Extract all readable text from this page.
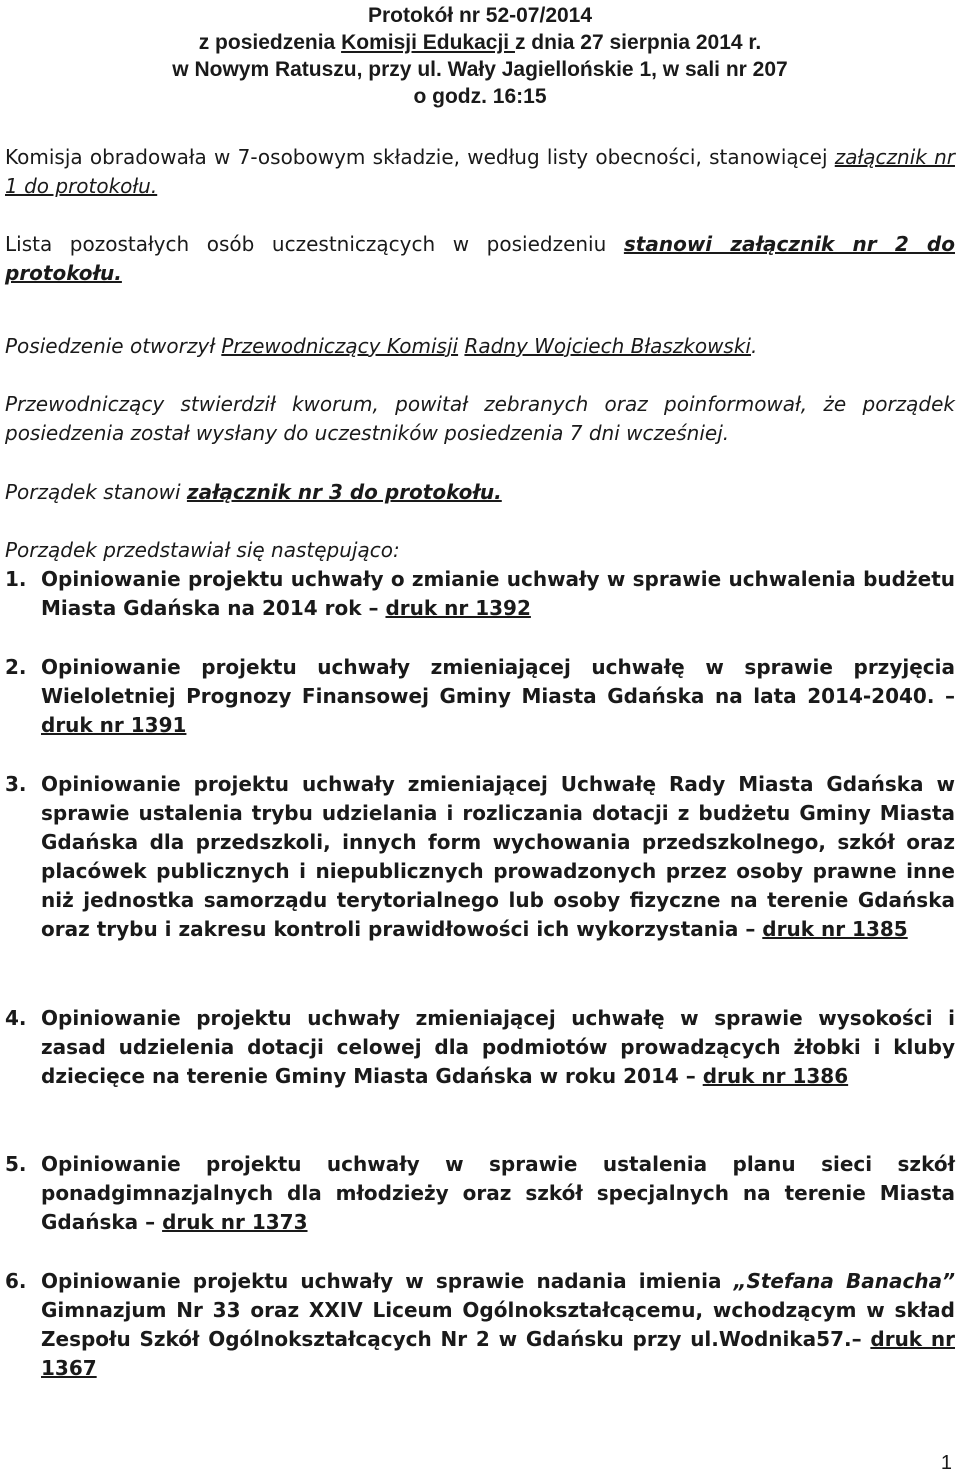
Protokół nr 52-07/2014

z posiedzenia Komisji Edukacji z dnia 27 sierpnia 2014 r.

w Nowym Ratuszu, przy ul. Wały Jagiellońskie 1, w sali nr 207

o godz. 16:15

Komisja obradowała w 7-osobowym składzie, według listy obecności, stanowiącej załącznik nr 1 do protokołu.

Lista pozostałych osób uczestniczących w posiedzeniu stanowi załącznik nr 2 do protokołu.

Posiedzenie otworzył Przewodniczący Komisji Radny Wojciech Błaszkowski.

Przewodniczący stwierdził kworum, powitał zebranych oraz poinformował, że porządek posiedzenia został wysłany do uczestników posiedzenia 7 dni wcześniej.

Porządek stanowi załącznik nr 3 do protokołu.

Porządek przedstawiał się następująco:

1. Opiniowanie projektu uchwały o zmianie uchwały w sprawie uchwalenia budżetu Miasta Gdańska na 2014 rok – druk nr 1392
2. Opiniowanie projektu uchwały zmieniającej uchwałę w sprawie przyjęcia Wieloletniej Prognozy Finansowej Gminy Miasta Gdańska na lata 2014-2040. – druk nr 1391
3. Opiniowanie projektu uchwały zmieniającej Uchwałę Rady Miasta Gdańska w sprawie ustalenia trybu udzielania i rozliczania dotacji z budżetu Gminy Miasta Gdańska dla przedszkoli, innych form wychowania przedszkolnego, szkół oraz placówek publicznych i niepublicznych prowadzonych przez osoby prawne inne niż jednostka samorządu terytorialnego lub osoby fizyczne na terenie Gdańska oraz trybu i zakresu kontroli prawidłowości ich wykorzystania – druk nr 1385
4. Opiniowanie projektu uchwały zmieniającej uchwałę w sprawie wysokości i zasad udzielenia dotacji celowej dla podmiotów prowadzących żłobki i kluby dziecięce na terenie Gminy Miasta Gdańska w roku 2014 – druk nr 1386
5. Opiniowanie projektu uchwały w sprawie ustalenia planu sieci szkół ponadgimnazjalnych dla młodzieży oraz szkół specjalnych na terenie Miasta Gdańska – druk nr 1373
6. Opiniowanie projektu uchwały w sprawie nadania imienia „Stefana Banacha” Gimnazjum Nr 33 oraz XXIV Liceum Ogólnokształcącemu, wchodzącym w skład Zespołu Szkół Ogólnokształcących Nr 2 w Gdańsku przy ul.Wodnika57.– druk nr 1367
1
